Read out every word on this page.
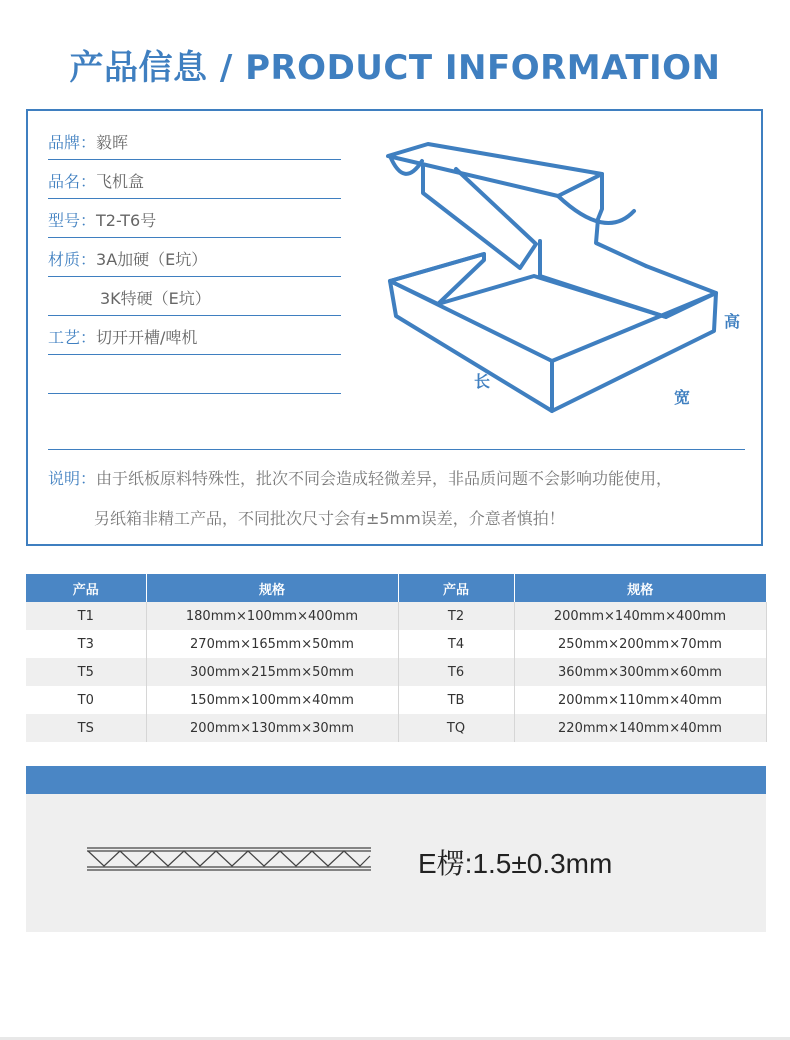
产品信息 / PRODUCT INFORMATION
品牌： 毅晖
品名： 飞机盒
型号： T2-T6号
材质： 3A加硬（E坑）
3K特硬（E坑）
工艺： 切开开槽/啤机
长
宽
高
说明：由于纸板原料特殊性，批次不同会造成轻微差异，非品质问题不会影响功能使用，
另纸箱非精工产品，不同批次尺寸会有±5mm误差，介意者慎拍！
产品	规格	产品	规格
T1	180mm×100mm×400mm	T2	200mm×140mm×400mm
T3	270mm×165mm×50mm	T4	250mm×200mm×70mm
T5	300mm×215mm×50mm	T6	360mm×300mm×60mm
T0	150mm×100mm×40mm	TB	200mm×110mm×40mm
TS	200mm×130mm×30mm	TQ	220mm×140mm×40mm
E楞:1.5±0.3mm
